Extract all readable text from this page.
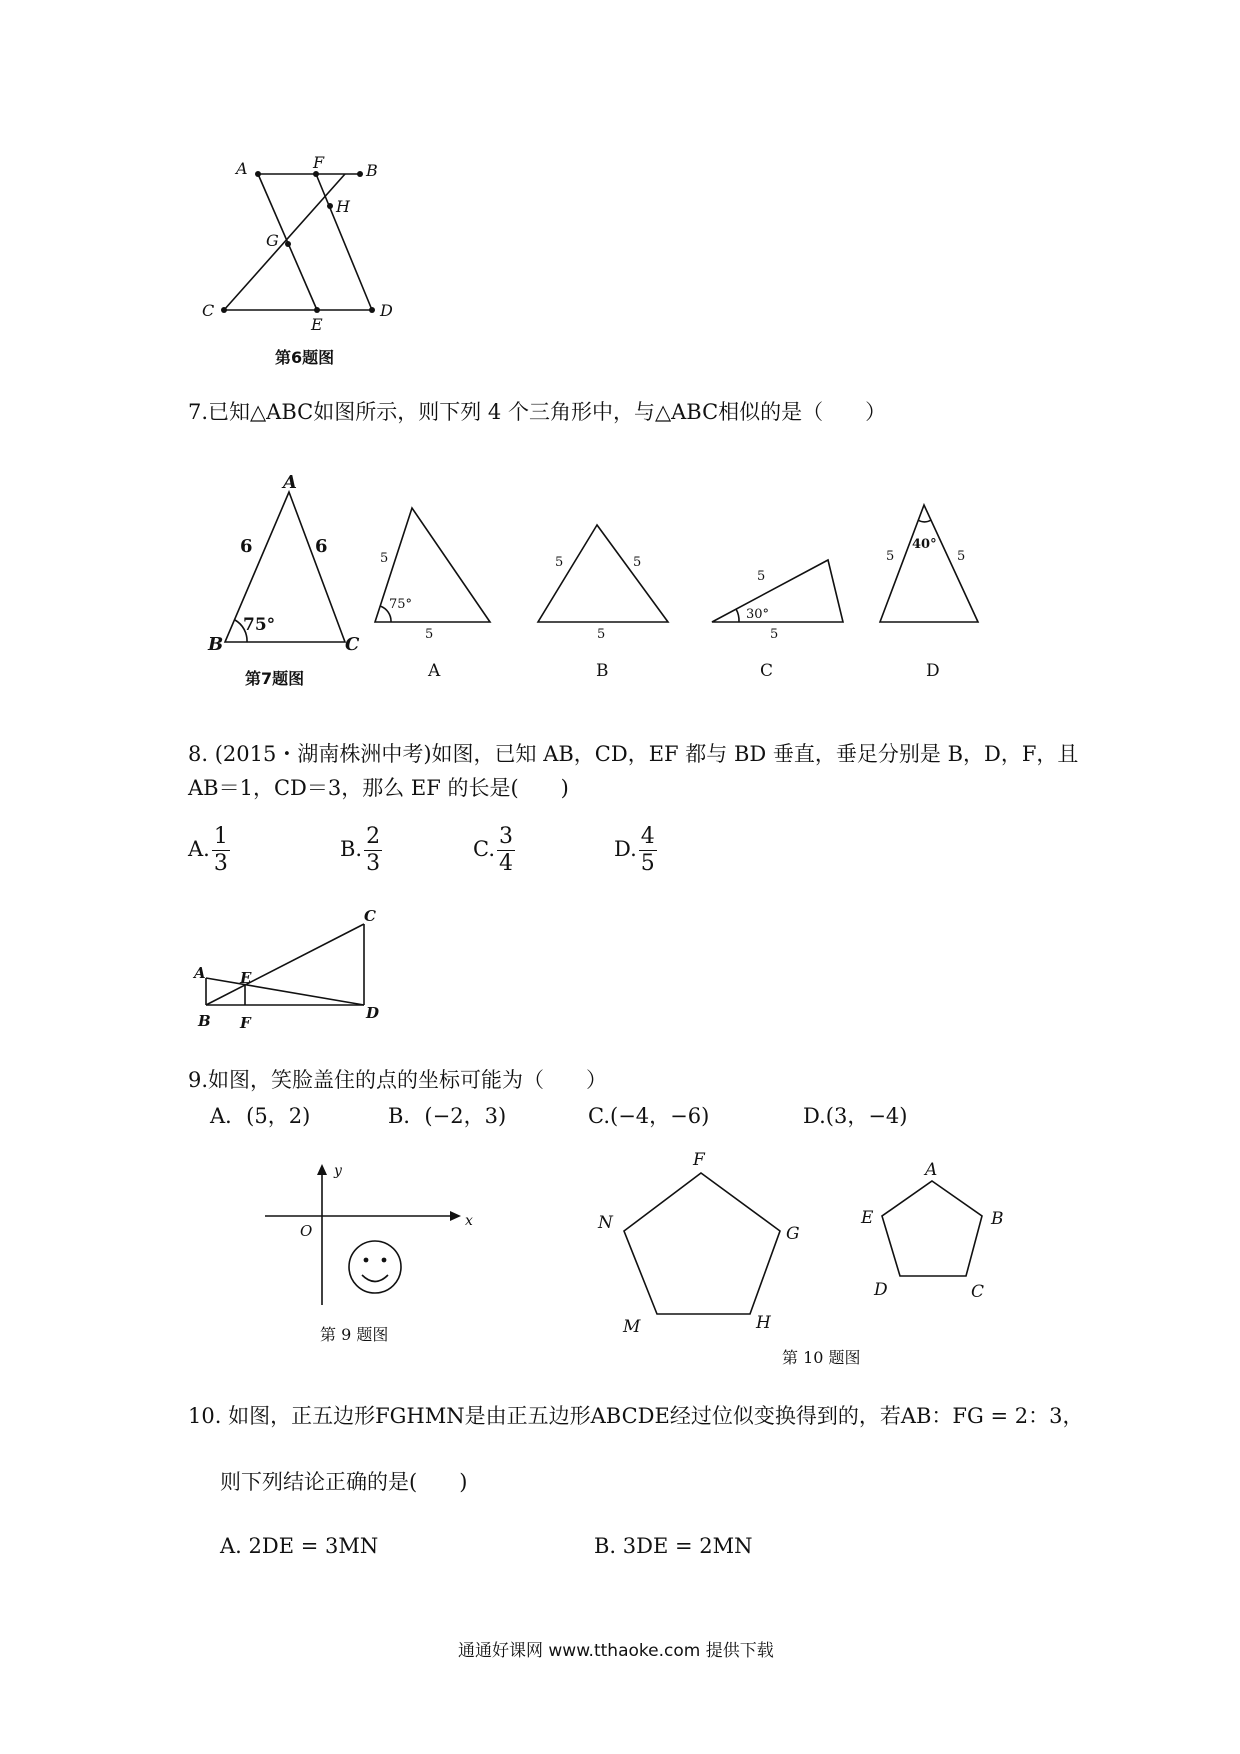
A	F	B
H
G
C
E
D
第6题图
7.已知△ABC如图所示，则下列 4 个三角形中，与△ABC相似的是（　　）
A
B	C
6	6
75°
5
5
75°
A
5	5
5
B
5
5
30°
C
5	5
40°
D
第7题图
8. (2015・湖南株洲中考)如图，已知 AB，CD，EF 都与 BD 垂直，垂足分别是 B，D，F，且
AB＝1，CD＝3，那么 EF 的长是(　　)
A. $\frac{1}{3}$	B. $\frac{2}{3}$	C. $\frac{3}{4}$	D. $\frac{4}{5}$
A
B
C
D
E
F
9.如图，笑脸盖住的点的坐标可能为（　　）
A．(5，2)	B．(−2，3)	C.(−4，−6)	D.(3，−4)
x
y
O
第 9 题图
F
G
H
M
N
A
B
C
D
E
第 10 题图
10. 如图，正五边形FGHMN是由正五边形ABCDE经过位似变换得到的，若AB：FG = 2：3，
则下列结论正确的是(　　)
A. 2DE = 3MN	B. 3DE = 2MN
通通好课网 www.tthaoke.com 提供下载
